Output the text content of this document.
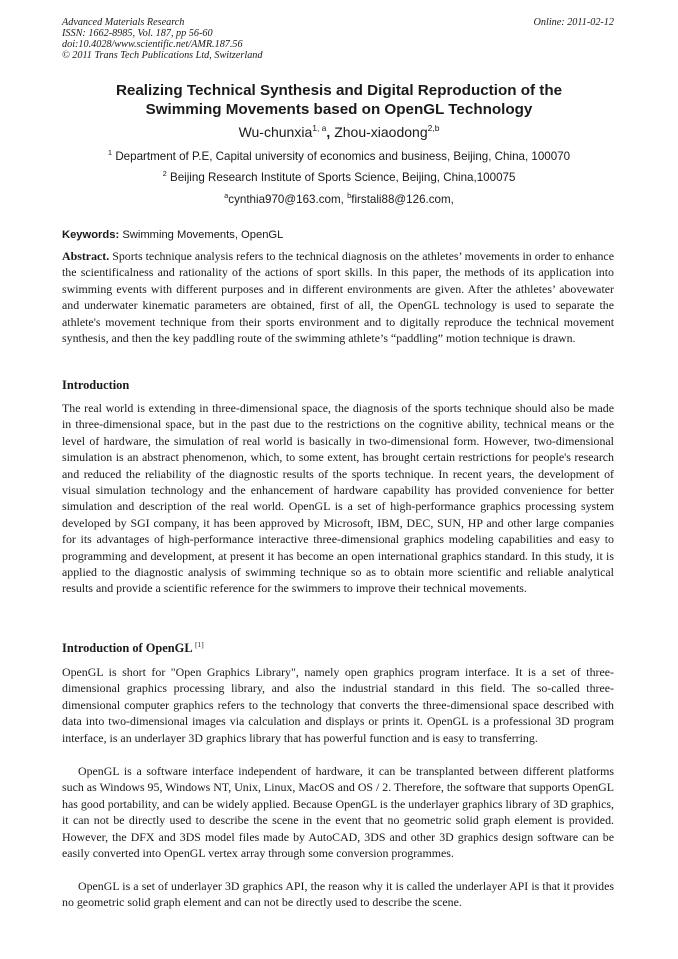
Advanced Materials Research
ISSN: 1662-8985, Vol. 187, pp 56-60
doi:10.4028/www.scientific.net/AMR.187.56
© 2011 Trans Tech Publications Ltd, Switzerland
Online: 2011-02-12
Realizing Technical Synthesis and Digital Reproduction of the
Swimming Movements based on OpenGL Technology
Wu-chunxia$^{1, a}$, Zhou-xiaodong$^{2,b}$
$^1$ Department of P.E, Capital university of economics and business, Beijing, China, 100070
$^2$ Beijing Research Institute of Sports Science, Beijing, China,100075
$^a$cynthia970@163.com, $^b$firstali88@126.com,
Keywords: Swimming Movements, OpenGL
Abstract. Sports technique analysis refers to the technical diagnosis on the athletes’ movements in order to enhance the scientificalness and rationality of the actions of sport skills. In this paper, the methods of its application into swimming events with different purposes and in different environments are given. After the athletes’ abovewater and underwater kinematic parameters are obtained, first of all, the OpenGL technology is used to separate the athlete's movement technique from their sports environment and to digitally reproduce the technical movement synthesis, and then the key paddling route of the swimming athlete’s “paddling” motion technique is drawn.
Introduction
The real world is extending in three-dimensional space, the diagnosis of the sports technique should also be made in three-dimensional space, but in the past due to the restrictions on the cognitive ability, technical means or the level of hardware, the simulation of real world is basically in two-dimensional form. However, two-dimensional simulation is an abstract phenomenon, which, to some extent, has brought certain restrictions for people's research and reduced the reliability of the diagnostic results of the sports technique. In recent years, the development of visual simulation technology and the enhancement of hardware capability has provided convenience for better simulation and description of the real world. OpenGL is a set of high-performance graphics processing system developed by SGI company, it has been approved by Microsoft, IBM, DEC, SUN, HP and other large companies for its advantages of high-performance interactive three-dimensional graphics modeling capabilities and easy to programming and development, at present it has become an open international graphics standard. In this study, it is applied to the diagnostic analysis of swimming technique so as to obtain more scientific and reliable analytical results and provide a scientific reference for the swimmers to improve their technical movements.
Introduction of OpenGL [1]
OpenGL is short for "Open Graphics Library", namely open graphics program interface. It is a set of three-dimensional graphics processing library, and also the industrial standard in this field. The so-called three-dimensional computer graphics refers to the technology that converts the three-dimensional space described with data into two-dimensional images via calculation and displays or prints it. OpenGL is a professional 3D program interface, is an underlayer 3D graphics library that has powerful function and is easy to transferring.
OpenGL is a software interface independent of hardware, it can be transplanted between different platforms such as Windows 95, Windows NT, Unix, Linux, MacOS and OS / 2. Therefore, the software that supports OpenGL has good portability, and can be widely applied. Because OpenGL is the underlayer graphics library of 3D graphics, it can not be directly used to describe the scene in the event that no geometric solid graph element is provided. However, the DFX and 3DS model files made by AutoCAD, 3DS and other 3D graphics design software can be easily converted into OpenGL vertex array through some conversion programmes.
OpenGL is a set of underlayer 3D graphics API, the reason why it is called the underlayer API is that it provides no geometric solid graph element and can not be directly used to describe the scene.
